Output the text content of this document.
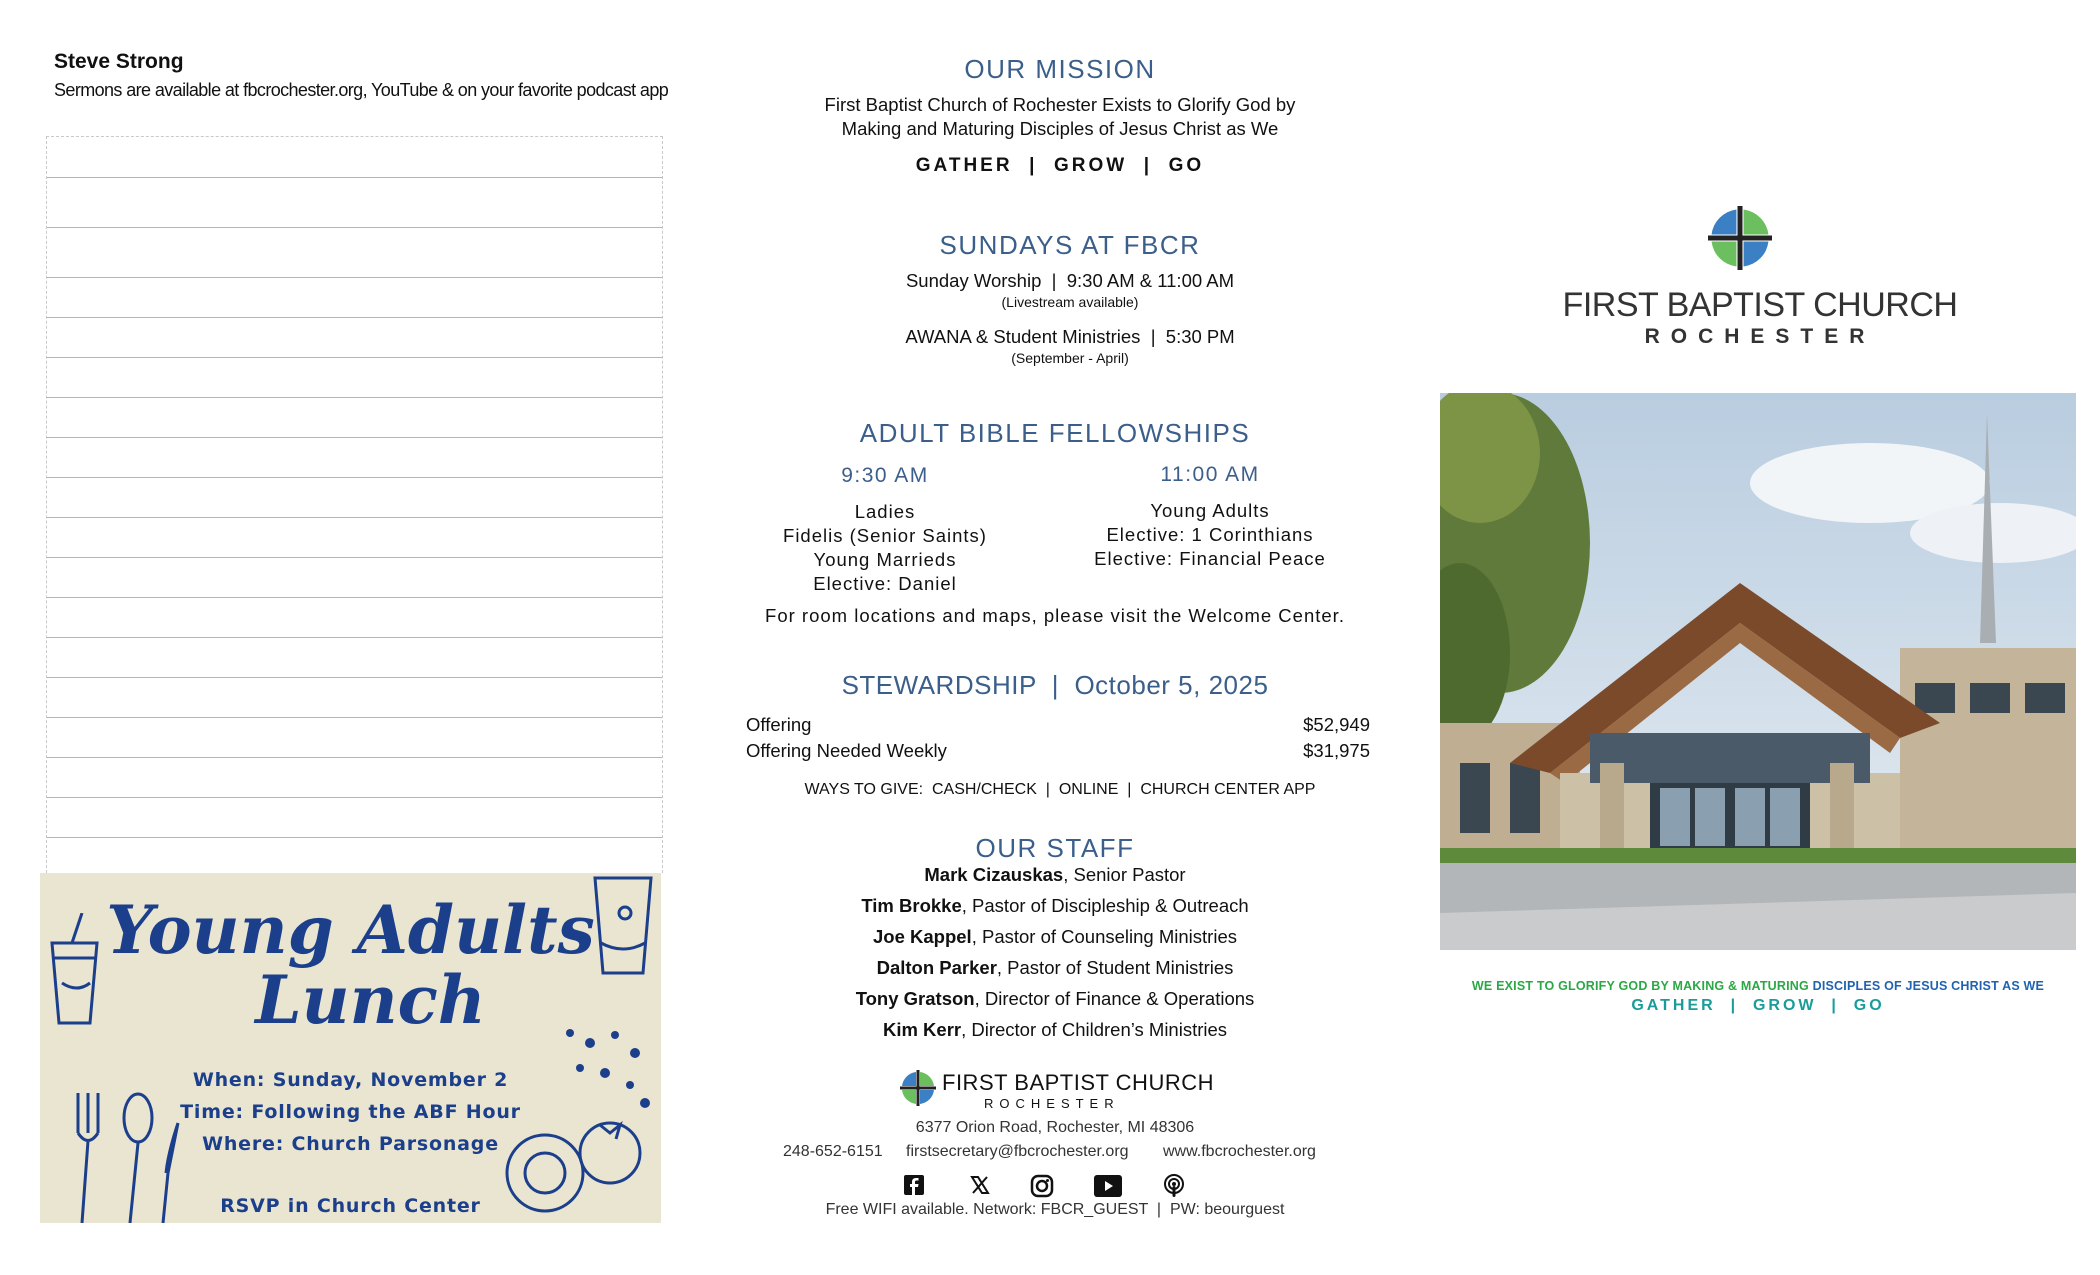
Steve Strong
Sermons are available at fbcrochester.org, YouTube & on your favorite podcast app
Young Adults
Lunch
When: Sunday, November 2
Time: Following the ABF Hour
Where: Church Parsonage
RSVP in Church Center
OUR MISSION
First Baptist Church of Rochester Exists to Glorify God by
Making and Maturing Disciples of Jesus Christ as We
GATHER  |  GROW  |  GO
SUNDAYS AT FBCR
Sunday Worship  |  9:30 AM & 11:00 AM
(Livestream available)
AWANA & Student Ministries  |  5:30 PM
(September - April)
ADULT BIBLE FELLOWSHIPS
9:30 AM
Ladies
Fidelis (Senior Saints)
Young Marrieds
Elective: Daniel
11:00 AM
Young Adults
Elective: 1 Corinthians
Elective: Financial Peace
For room locations and maps, please visit the Welcome Center.
STEWARDSHIP  |  October 5, 2025
Offering	$52,949
Offering Needed Weekly	$31,975
WAYS TO GIVE:  CASH/CHECK  |  ONLINE  |  CHURCH CENTER APP
OUR STAFF
Mark Cizauskas, Senior Pastor
Tim Brokke, Pastor of Discipleship & Outreach
Joe Kappel, Pastor of Counseling Ministries
Dalton Parker, Pastor of Student Ministries
Tony Gratson, Director of Finance & Operations
Kim Kerr, Director of Children’s Ministries
FIRST BAPTIST CHURCH
ROCHESTER
6377 Orion Road, Rochester, MI 48306
248-652-6151 firstsecretary@fbcrochester.org www.fbcrochester.org
Free WIFI available. Network: FBCR_GUEST  |  PW: beourguest
FIRST BAPTIST CHURCH
ROCHESTER
WE EXIST TO GLORIFY GOD BY MAKING & MATURING DISCIPLES OF JESUS CHRIST AS WE
GATHER  |  GROW  |  GO
